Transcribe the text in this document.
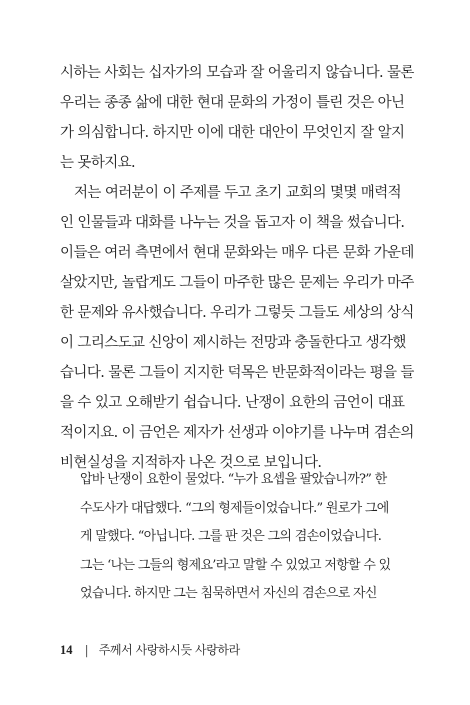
시하는 사회는 십자가의 모습과 잘 어울리지 않습니다. 물론
우리는 종종 삶에 대한 현대 문화의 가정이 틀린 것은 아닌
가 의심합니다. 하지만 이에 대한 대안이 무엇인지 잘 알지
는 못하지요.
저는 여러분이 이 주제를 두고 초기 교회의 몇몇 매력적
인 인물들과 대화를 나누는 것을 돕고자 이 책을 썼습니다.
이들은 여러 측면에서 현대 문화와는 매우 다른 문화 가운데
살았지만, 놀랍게도 그들이 마주한 많은 문제는 우리가 마주
한 문제와 유사했습니다. 우리가 그렇듯 그들도 세상의 상식
이 그리스도교 신앙이 제시하는 전망과 충돌한다고 생각했
습니다. 물론 그들이 지지한 덕목은 반문화적이라는 평을 들
을 수 있고 오해받기 쉽습니다. 난쟁이 요한의 금언이 대표
적이지요. 이 금언은 제자가 선생과 이야기를 나누며 겸손의
비현실성을 지적하자 나온 것으로 보입니다.
압바 난쟁이 요한이 물었다. “누가 요셉을 팔았습니까?” 한
수도사가 대답했다. “그의 형제들이었습니다.” 원로가 그에
게 말했다. “아닙니다. 그를 판 것은 그의 겸손이었습니다.
그는 ‘나는 그들의 형제요’라고 말할 수 있었고 저항할 수 있
었습니다. 하지만 그는 침묵하면서 자신의 겸손으로 자신
14 | 주께서 사랑하시듯 사랑하라
